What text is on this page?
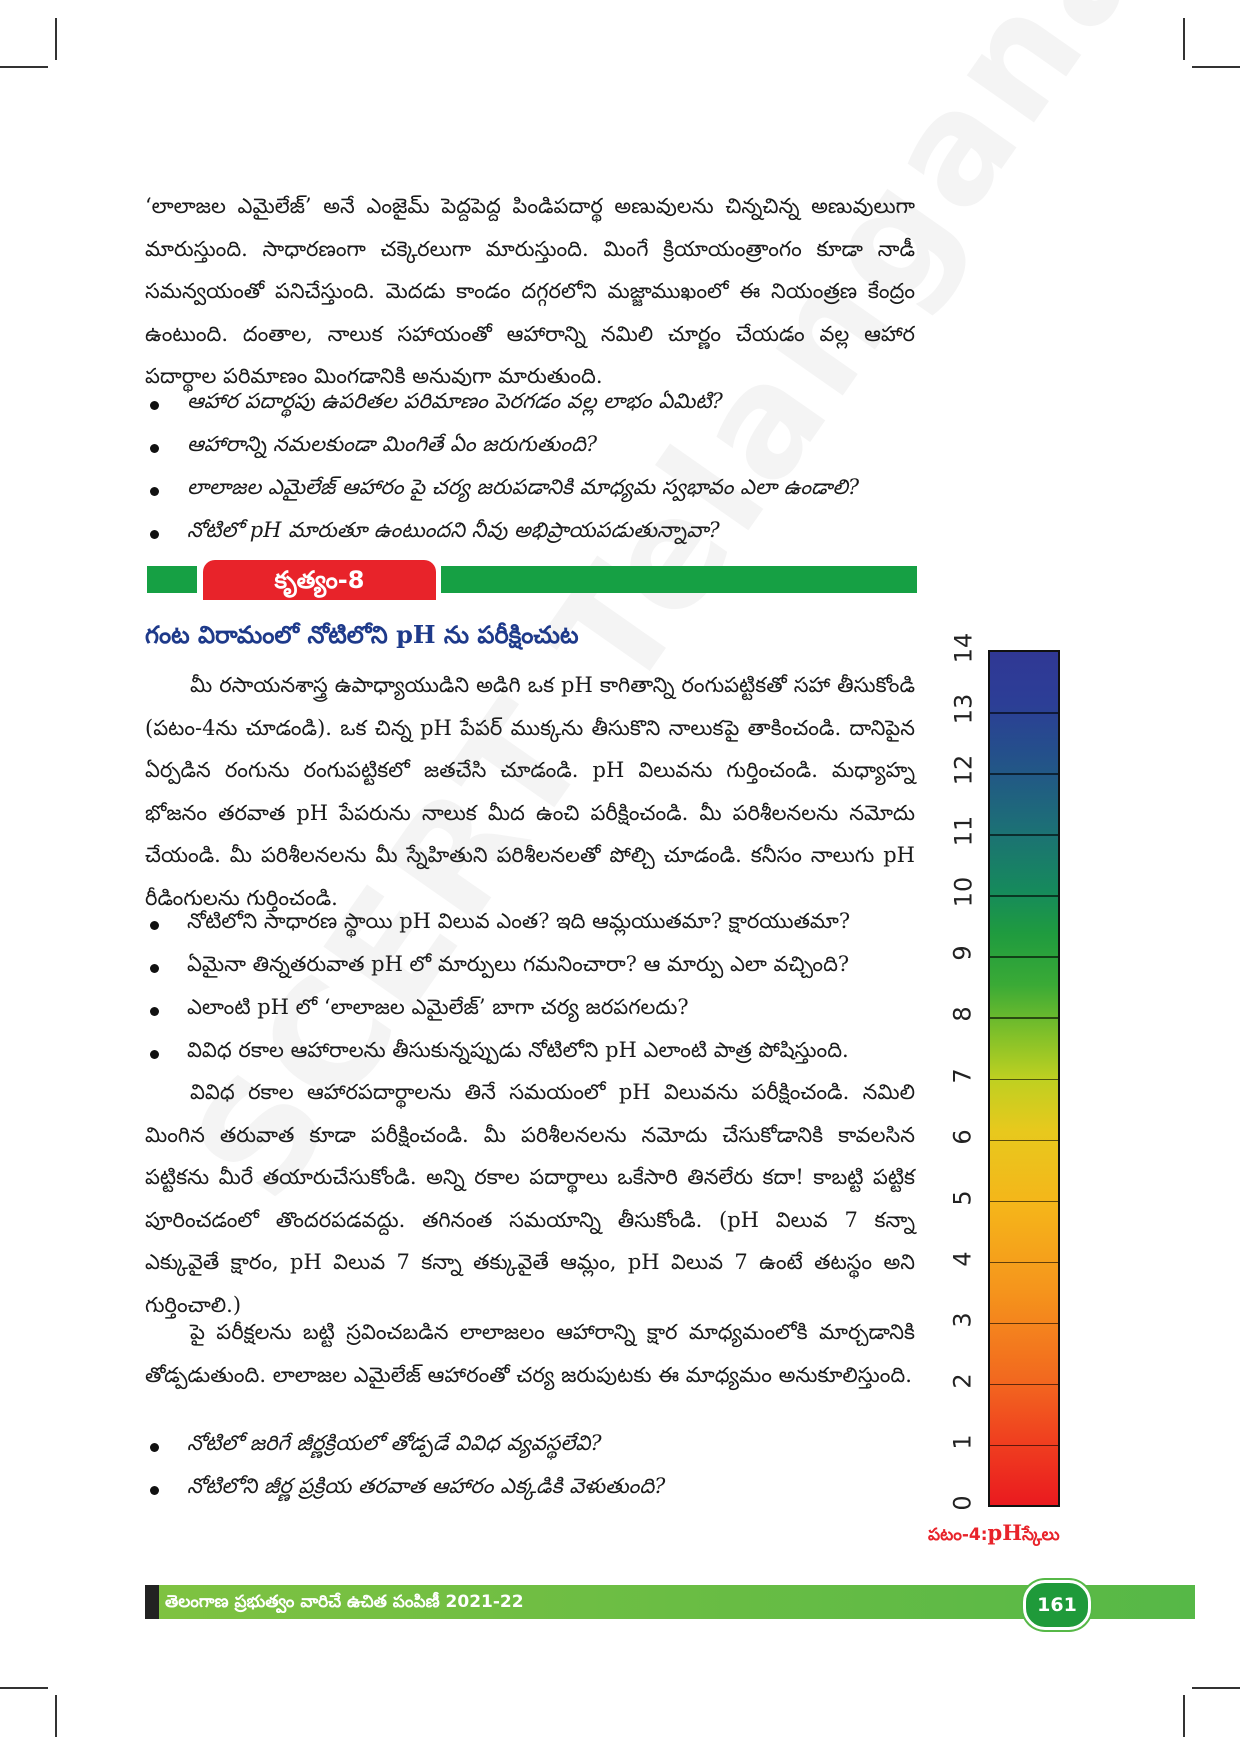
‘లాలాజల ఎమైలేజ్’ అనే ఎంజైమ్ పెద్దపెద్ద పిండిపదార్థ అణువులను చిన్నచిన్న అణువులుగా మారుస్తుంది. సాధారణంగా చక్కెరలుగా మారుస్తుంది. మింగే క్రియాయంత్రాంగం కూడా నాడీ సమన్వయంతో పనిచేస్తుంది. మెదడు కాండం దగ్గరలోని మజ్జాముఖంలో ఈ నియంత్రణ కేంద్రం ఉంటుంది. దంతాల, నాలుక సహాయంతో ఆహారాన్ని నమిలి చూర్ణం చేయడం వల్ల ఆహార పదార్థాల పరిమాణం మింగడానికి అనువుగా మారుతుంది.

ఆహార పదార్థపు ఉపరితల పరిమాణం పెరగడం వల్ల లాభం ఏమిటి?
ఆహారాన్ని నమలకుండా మింగితే ఏం జరుగుతుంది?
లాలాజల ఎమైలేజ్ ఆహారం పై చర్య జరుపడానికి మాధ్యమ స్వభావం ఎలా ఉండాలి?
నోటిలో pH మారుతూ ఉంటుందని నీవు అభిప్రాయపడుతున్నావా?
కృత్యం-8
గంట విరామంలో నోటిలోని pH ను పరీక్షించుట

మీ రసాయనశాస్త్ర ఉపాధ్యాయుడిని అడిగి ఒక pH కాగితాన్ని రంగుపట్టికతో సహా తీసుకోండి (పటం-4ను చూడండి). ఒక చిన్న pH పేపర్ ముక్కను తీసుకొని నాలుకపై తాకించండి. దానిపైన ఏర్పడిన రంగును రంగుపట్టికలో జతచేసి చూడండి. pH విలువను గుర్తించండి. మధ్యాహ్న భోజనం తరవాత pH పేపరును నాలుక మీద ఉంచి పరీక్షించండి. మీ పరిశీలనలను నమోదు చేయండి. మీ పరిశీలనలను మీ స్నేహితుని పరిశీలనలతో పోల్చి చూడండి. కనీసం నాలుగు pH రీడింగులను గుర్తించండి.

నోటిలోని సాధారణ స్థాయి pH విలువ ఎంత? ఇది ఆమ్లయుతమా? క్షారయుతమా?
ఏమైనా తిన్నతరువాత pH లో మార్పులు గమనించారా? ఆ మార్పు ఎలా వచ్చింది?
ఎలాంటి pH లో ‘లాలాజల ఎమైలేజ్’ బాగా చర్య జరపగలదు?
వివిధ రకాల ఆహారాలను తీసుకున్నప్పుడు నోటిలోని pH ఎలాంటి పాత్ర పోషిస్తుంది.

వివిధ రకాల ఆహారపదార్థాలను తినే సమయంలో pH విలువను పరీక్షించండి. నమిలి మింగిన తరువాత కూడా పరీక్షించండి. మీ పరిశీలనలను నమోదు చేసుకోడానికి కావలసిన పట్టికను మీరే తయారుచేసుకోండి. అన్ని రకాల పదార్థాలు ఒకేసారి తినలేరు కదా! కాబట్టి పట్టిక పూరించడంలో తొందరపడవద్దు. తగినంత సమయాన్ని తీసుకోండి. (pH విలువ 7 కన్నా ఎక్కువైతే క్షారం, pH విలువ 7 కన్నా తక్కువైతే ఆమ్లం, pH విలువ 7 ఉంటే తటస్థం అని గుర్తించాలి.)

పై పరీక్షలను బట్టి స్రవించబడిన లాలాజలం ఆహారాన్ని క్షార మాధ్యమంలోకి మార్చడానికి తోడ్పడుతుంది. లాలాజల ఎమైలేజ్ ఆహారంతో చర్య జరుపుటకు ఈ మాధ్యమం అనుకూలిస్తుంది.

నోటిలో జరిగే జీర్ణక్రియలో తోడ్పడే వివిధ వ్యవస్థలేవి?
నోటిలోని జీర్ణ ప్రక్రియ తరవాత ఆహారం ఎక్కడికి వెళుతుంది?
0
1
2
3
4
5
6
7
8
9
10
11
12
13
14
పటం-4:pHస్కేలు
తెలంగాణ ప్రభుత్వం వారిచే ఉచిత పంపిణీ 2021-22	161
